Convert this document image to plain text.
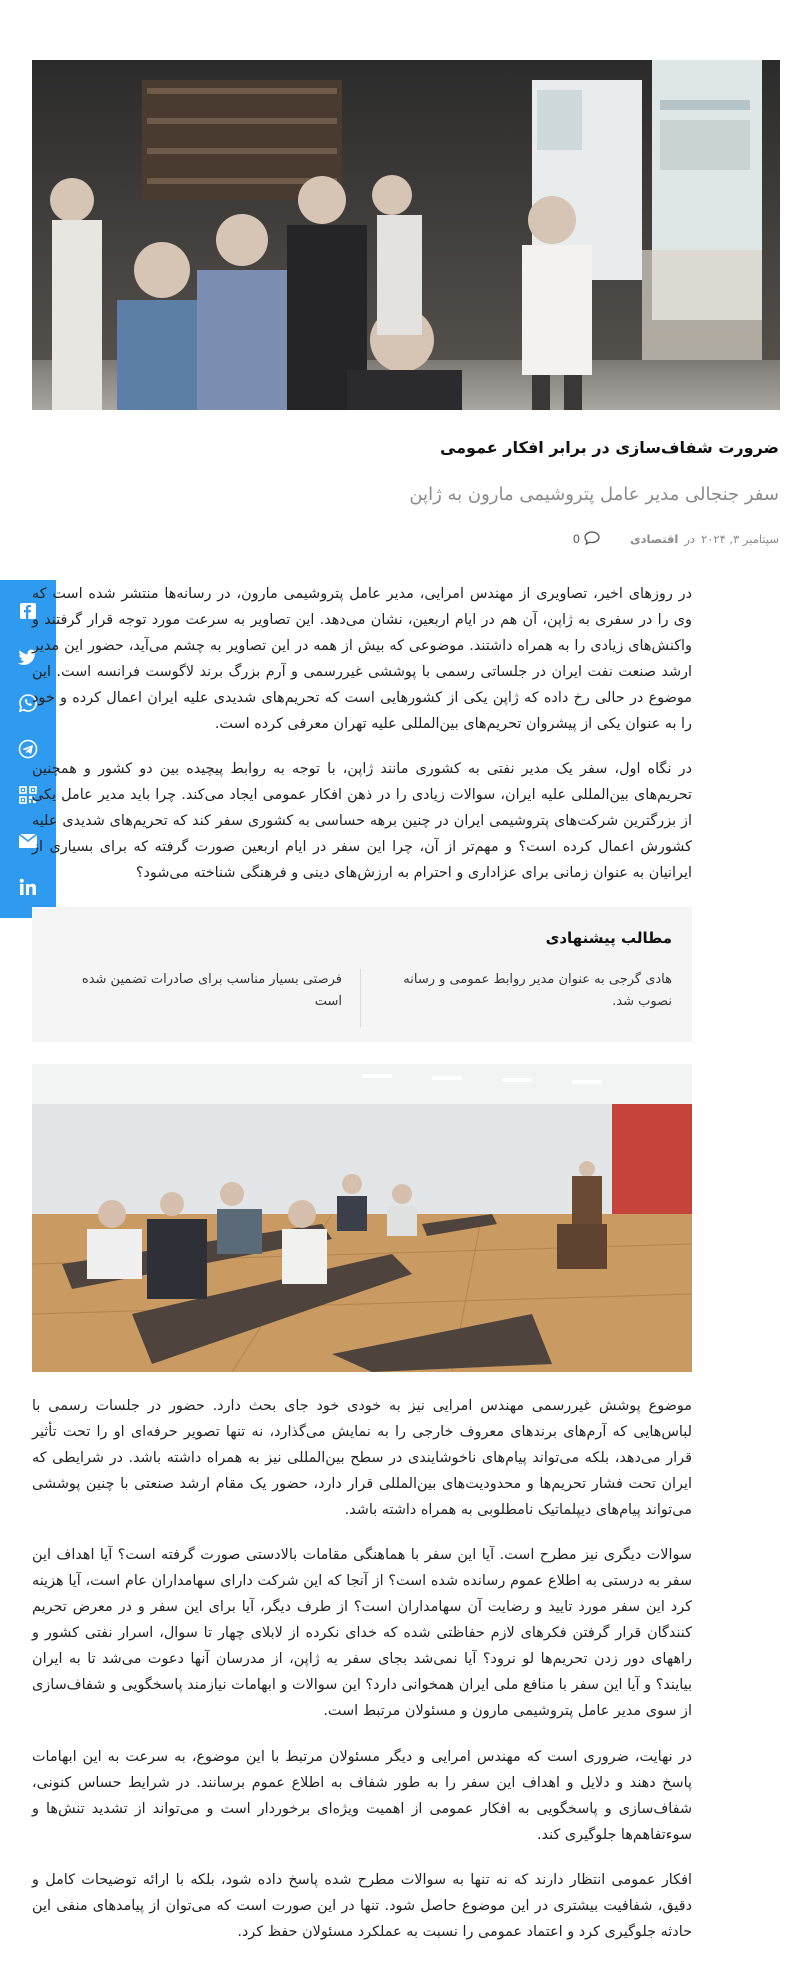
ضرورت شفاف‌سازی در برابر افکار عمومی
سفر جنجالی مدیر عامل پتروشیمی مارون به ژاپن
سپتامبر ۳, ۲۰۲۴
در
اقتصادی
0

در روزهای اخیر، تصاویری از مهندس امرایی، مدیر عامل پتروشیمی مارون، در رسانه‌ها منتشر شده است که وی را در سفری به ژاپن، آن هم در ایام اربعین، نشان می‌دهد. این تصاویر به سرعت مورد توجه قرار گرفتند و واکنش‌های زیادی را به همراه داشتند. موضوعی که بیش از همه در این تصاویر به چشم می‌آید، حضور این مدیر ارشد صنعت نفت ایران در جلساتی رسمی با پوششی غیررسمی و آرم بزرگ برند لاگوست فرانسه است. این موضوع در حالی رخ داده که ژاپن یکی از کشورهایی است که تحریم‌های شدیدی علیه ایران اعمال کرده و خود را به عنوان یکی از پیشروان تحریم‌های بین‌المللی علیه تهران معرفی کرده است.

در نگاه اول، سفر یک مدیر نفتی به کشوری مانند ژاپن، با توجه به روابط پیچیده بین دو کشور و همچنین تحریم‌های بین‌المللی علیه ایران، سوالات زیادی را در ذهن افکار عمومی ایجاد می‌کند. چرا باید مدیر عامل یکی از بزرگترین شرکت‌های پتروشیمی ایران در چنین برهه حساسی به کشوری سفر کند که تحریم‌های شدیدی علیه کشورش اعمال کرده است؟ و مهم‌تر از آن، چرا این سفر در ایام اربعین صورت گرفته که برای بسیاری از ایرانیان به عنوان زمانی برای عزاداری و احترام به ارزش‌های دینی و فرهنگی شناخته می‌شود؟

مطالب پیشنهادی
هادی گرجی به عنوان مدیر روابط عمومی و رسانه نصوب شد.
فرصتی بسیار مناسب برای صادرات تضمین شده است

موضوع پوشش غیررسمی مهندس امرایی نیز به خودی خود جای بحث دارد. حضور در جلسات رسمی با لباس‌هایی که آرم‌های برندهای معروف خارجی را به نمایش می‌گذارد، نه تنها تصویر حرفه‌ای او را تحت تأثیر قرار می‌دهد، بلکه می‌تواند پیام‌های ناخوشایندی در سطح بین‌المللی نیز به همراه داشته باشد. در شرایطی که ایران تحت فشار تحریم‌ها و محدودیت‌های بین‌المللی قرار دارد، حضور یک مقام ارشد صنعتی با چنین پوششی می‌تواند پیام‌های دیپلماتیک نامطلوبی به همراه داشته باشد.

سوالات دیگری نیز مطرح است. آیا این سفر با هماهنگی مقامات بالادستی صورت گرفته است؟ آیا اهداف این سفر به درستی به اطلاع عموم رسانده شده است؟ از آنجا که این شرکت دارای سهامداران عام است، آیا هزینه کرد این سفر مورد تایید و رضایت آن سهامداران است؟ از طرف دیگر، آیا برای این سفر و در معرض تحریم کنندگان قرار گرفتن فکرهای لازم حفاظتی شده که خدای نکرده از لابلای چهار تا سوال، اسرار نفتی کشور و راههای دور زدن تحریم‌ها لو نرود؟ آیا نمی‌شد بجای سفر به ژاپن، از مدرسان آنها دعوت می‌شد تا به ایران بیایند؟ و آیا این سفر با منافع ملی ایران همخوانی دارد؟ این سوالات و ابهامات نیازمند پاسخگویی و شفاف‌سازی از سوی مدیر عامل پتروشیمی مارون و مسئولان مرتبط است.

در نهایت، ضروری است که مهندس امرایی و دیگر مسئولان مرتبط با این موضوع، به سرعت به این ابهامات پاسخ دهند و دلایل و اهداف این سفر را به طور شفاف به اطلاع عموم برسانند. در شرایط حساس کنونی، شفاف‌سازی و پاسخگویی به افکار عمومی از اهمیت ویژه‌ای برخوردار است و می‌تواند از تشدید تنش‌ها و سوءتفاهم‌ها جلوگیری کند.

افکار عمومی انتظار دارند که نه تنها به سوالات مطرح شده پاسخ داده شود، بلکه با ارائه توضیحات کامل و دقیق، شفافیت بیشتری در این موضوع حاصل شود. تنها در این صورت است که می‌توان از پیامدهای منفی این حادثه جلوگیری کرد و اعتماد عمومی را نسبت به عملکرد مسئولان حفظ کرد.
